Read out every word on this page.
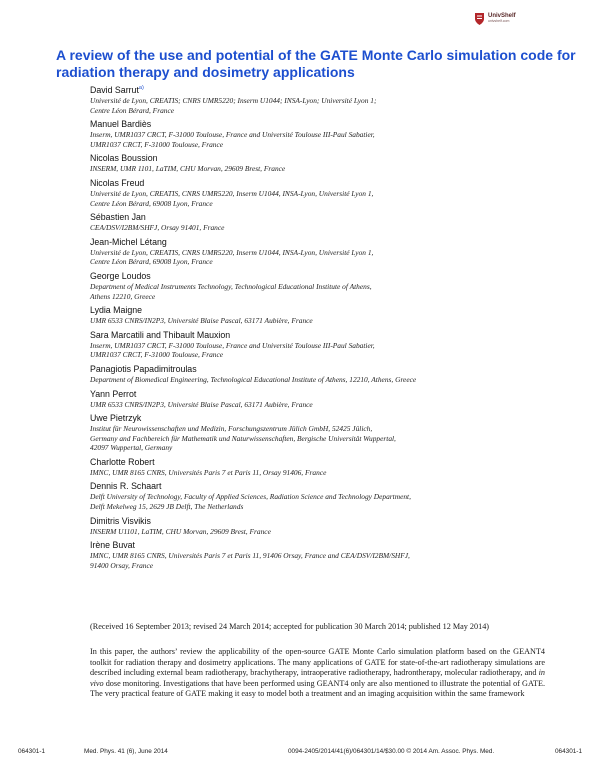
UnivShelf
univshelf.com
A review of the use and potential of the GATE Monte Carlo simulation code for radiation therapy and dosimetry applications
David Sarrut$^{a)}$
Université de Lyon, CREATIS; CNRS UMR5220; Inserm U1044; INSA-Lyon; Université Lyon 1;
Centre Léon Bérard, France
Manuel Bardiès
Inserm, UMR1037 CRCT, F-31000 Toulouse, France and Université Toulouse III-Paul Sabatier,
UMR1037 CRCT, F-31000 Toulouse, France
Nicolas Boussion
INSERM, UMR 1101, LaTIM, CHU Morvan, 29609 Brest, France
Nicolas Freud
Université de Lyon, CREATIS, CNRS UMR5220, Inserm U1044, INSA-Lyon, Université Lyon 1,
Centre Léon Bérard, 69008 Lyon, France
Sébastien Jan
CEA/DSV/I2BM/SHFJ, Orsay 91401, France
Jean-Michel Létang
Université de Lyon, CREATIS, CNRS UMR5220, Inserm U1044, INSA-Lyon, Université Lyon 1,
Centre Léon Bérard, 69008 Lyon, France
George Loudos
Department of Medical Instruments Technology, Technological Educational Institute of Athens,
Athens 12210, Greece
Lydia Maigne
UMR 6533 CNRS/IN2P3, Université Blaise Pascal, 63171 Aubière, France
Sara Marcatili and Thibault Mauxion
Inserm, UMR1037 CRCT, F-31000 Toulouse, France and Université Toulouse III-Paul Sabatier,
UMR1037 CRCT, F-31000 Toulouse, France
Panagiotis Papadimitroulas
Department of Biomedical Engineering, Technological Educational Institute of Athens, 12210, Athens, Greece
Yann Perrot
UMR 6533 CNRS/IN2P3, Université Blaise Pascal, 63171 Aubière, France
Uwe Pietrzyk
Institut für Neurowissenschaften und Medizin, Forschungszentrum Jülich GmbH, 52425 Jülich,
Germany and Fachbereich für Mathematik und Naturwissenschaften, Bergische Universität Wuppertal,
42097 Wuppertal, Germany
Charlotte Robert
IMNC, UMR 8165 CNRS, Universités Paris 7 et Paris 11, Orsay 91406, France
Dennis R. Schaart
Delft University of Technology, Faculty of Applied Sciences, Radiation Science and Technology Department,
Delft Mekelweg 15, 2629 JB Delft, The Netherlands
Dimitris Visvikis
INSERM U1101, LaTIM, CHU Morvan, 29609 Brest, France
Irène Buvat
IMNC, UMR 8165 CNRS, Universités Paris 7 et Paris 11, 91406 Orsay, France and CEA/DSV/I2BM/SHFJ,
91400 Orsay, France

(Received 16 September 2013; revised 24 March 2014; accepted for publication 30 March 2014; published 12 May 2014)

In this paper, the authors’ review the applicability of the open-source GATE Monte Carlo simulation platform based on the GEANT4 toolkit for radiation therapy and dosimetry applications. The many applications of GATE for state-of-the-art radiotherapy simulations are described including external beam radiotherapy, brachytherapy, intraoperative radiotherapy, hadrontherapy, molecular radiotherapy, and in vivo dose monitoring. Investigations that have been performed using GEANT4 only are also mentioned to illustrate the potential of GATE. The very practical feature of GATE making it easy to model both a treatment and an imaging acquisition within the same framework

064301-1	Med. Phys. 41 (6), June 2014	0094-2405/2014/41(6)/064301/14/$30.00 © 2014 Am. Assoc. Phys. Med.	064301-1
